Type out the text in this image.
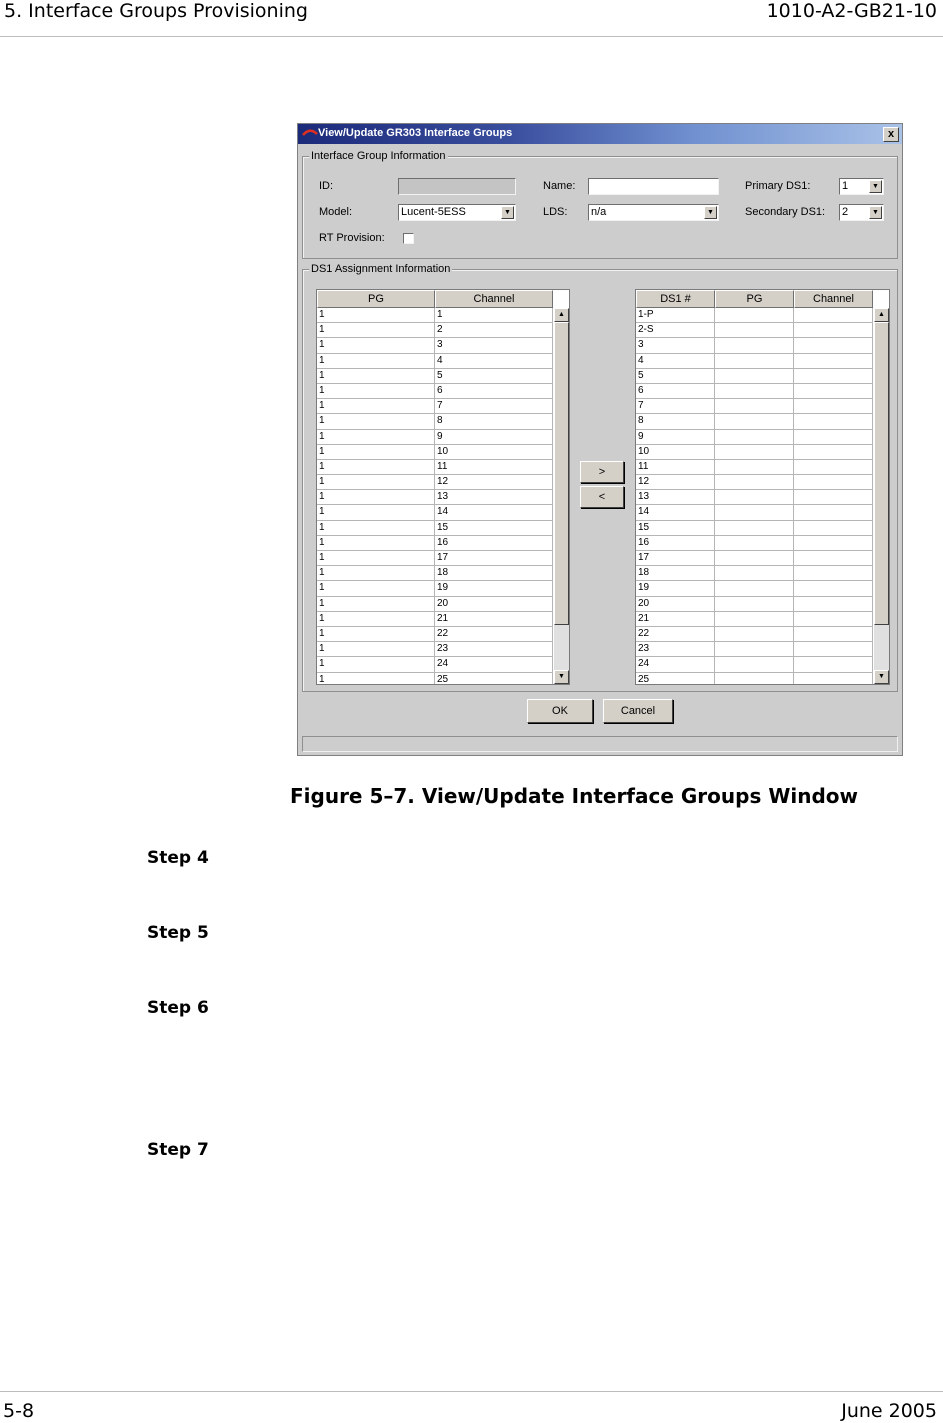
5. Interface Groups Provisioning	1010-A2-GB21-10
View/Update GR303 Interface Groups	x
Interface Group Information
ID:	Name:	Primary DS1:	1	▼
Model:	Lucent-5ESS	▼	LDS: n/a	▼	Secondary DS1: 2	▼
RT Provision:
DS1 Assignment Information
PG	Channel
1	1
1	2
1	3
1	4
1	5
1	6
1	7
1	8
1	9
1	10
1	11
1	12
1	13
1	14
1	15
1	16
1	17
1	18
1	19
1	20
1	21
1	22
1	23
1	24
1	25
▲
▼
>
<
DS1 #	PG	Channel
1-P
2-S
3
4
5
6
7
8
9
10
11
12
13
14
15
16
17
18
19
20
21
22
23
24
25
▲
▼
OK	Cancel
Figure 5–7. View/Update Interface Groups Window
Step 4
Step 5
Step 6
Step 7
5-8	June 2005
